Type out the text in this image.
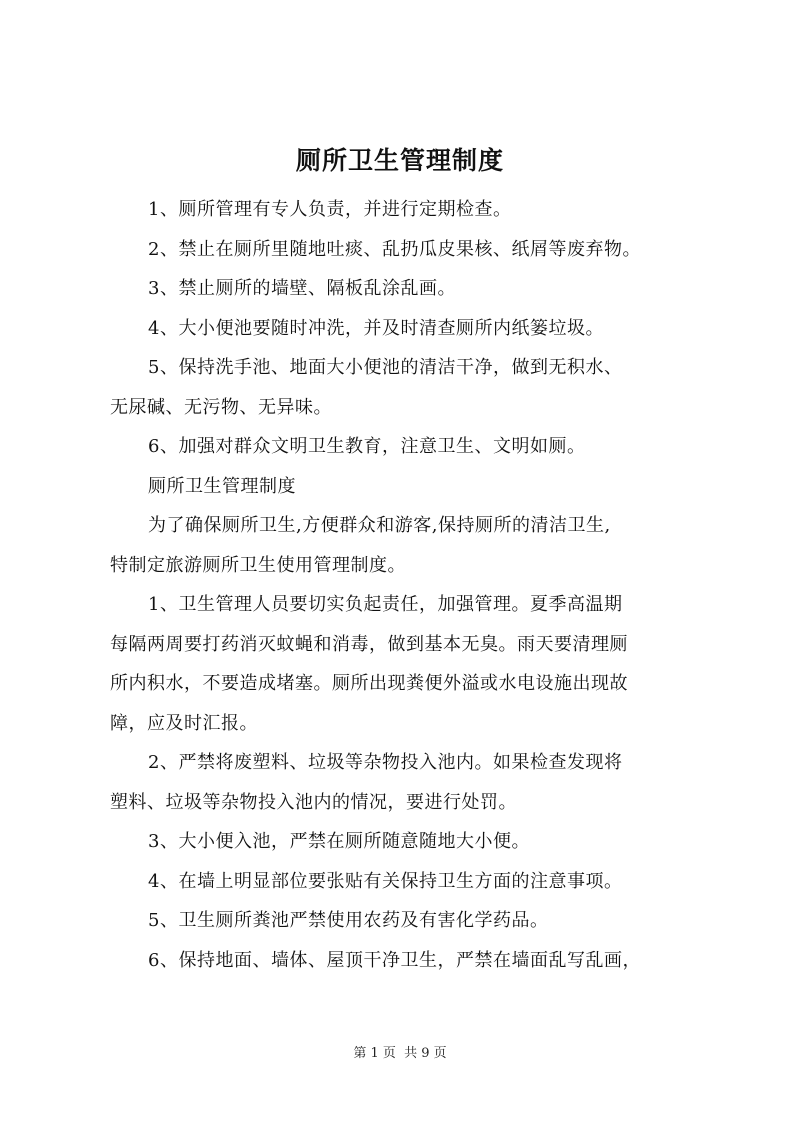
厕所卫生管理制度
1、厕所管理有专人负责，并进行定期检查。
2、禁止在厕所里随地吐痰、乱扔瓜皮果核、纸屑等废弃物。
3、禁止厕所的墙壁、隔板乱涂乱画。
4、大小便池要随时冲洗，并及时清查厕所内纸篓垃圾。
5、保持洗手池、地面大小便池的清洁干净，做到无积水、
无尿碱、无污物、无异味。
6、加强对群众文明卫生教育，注意卫生、文明如厕。
厕所卫生管理制度
为了确保厕所卫生,方便群众和游客,保持厕所的清洁卫生,
特制定旅游厕所卫生使用管理制度。
1、卫生管理人员要切实负起责任，加强管理。夏季高温期
每隔两周要打药消灭蚊蝇和消毒，做到基本无臭。雨天要清理厕
所内积水，不要造成堵塞。厕所出现粪便外溢或水电设施出现故
障，应及时汇报。
2、严禁将废塑料、垃圾等杂物投入池内。如果检查发现将
塑料、垃圾等杂物投入池内的情况，要进行处罚。
3、大小便入池，严禁在厕所随意随地大小便。
4、在墙上明显部位要张贴有关保持卫生方面的注意事项。
5、卫生厕所粪池严禁使用农药及有害化学药品。
6、保持地面、墙体、屋顶干净卫生，严禁在墙面乱写乱画，
第 1 页 共 9 页
